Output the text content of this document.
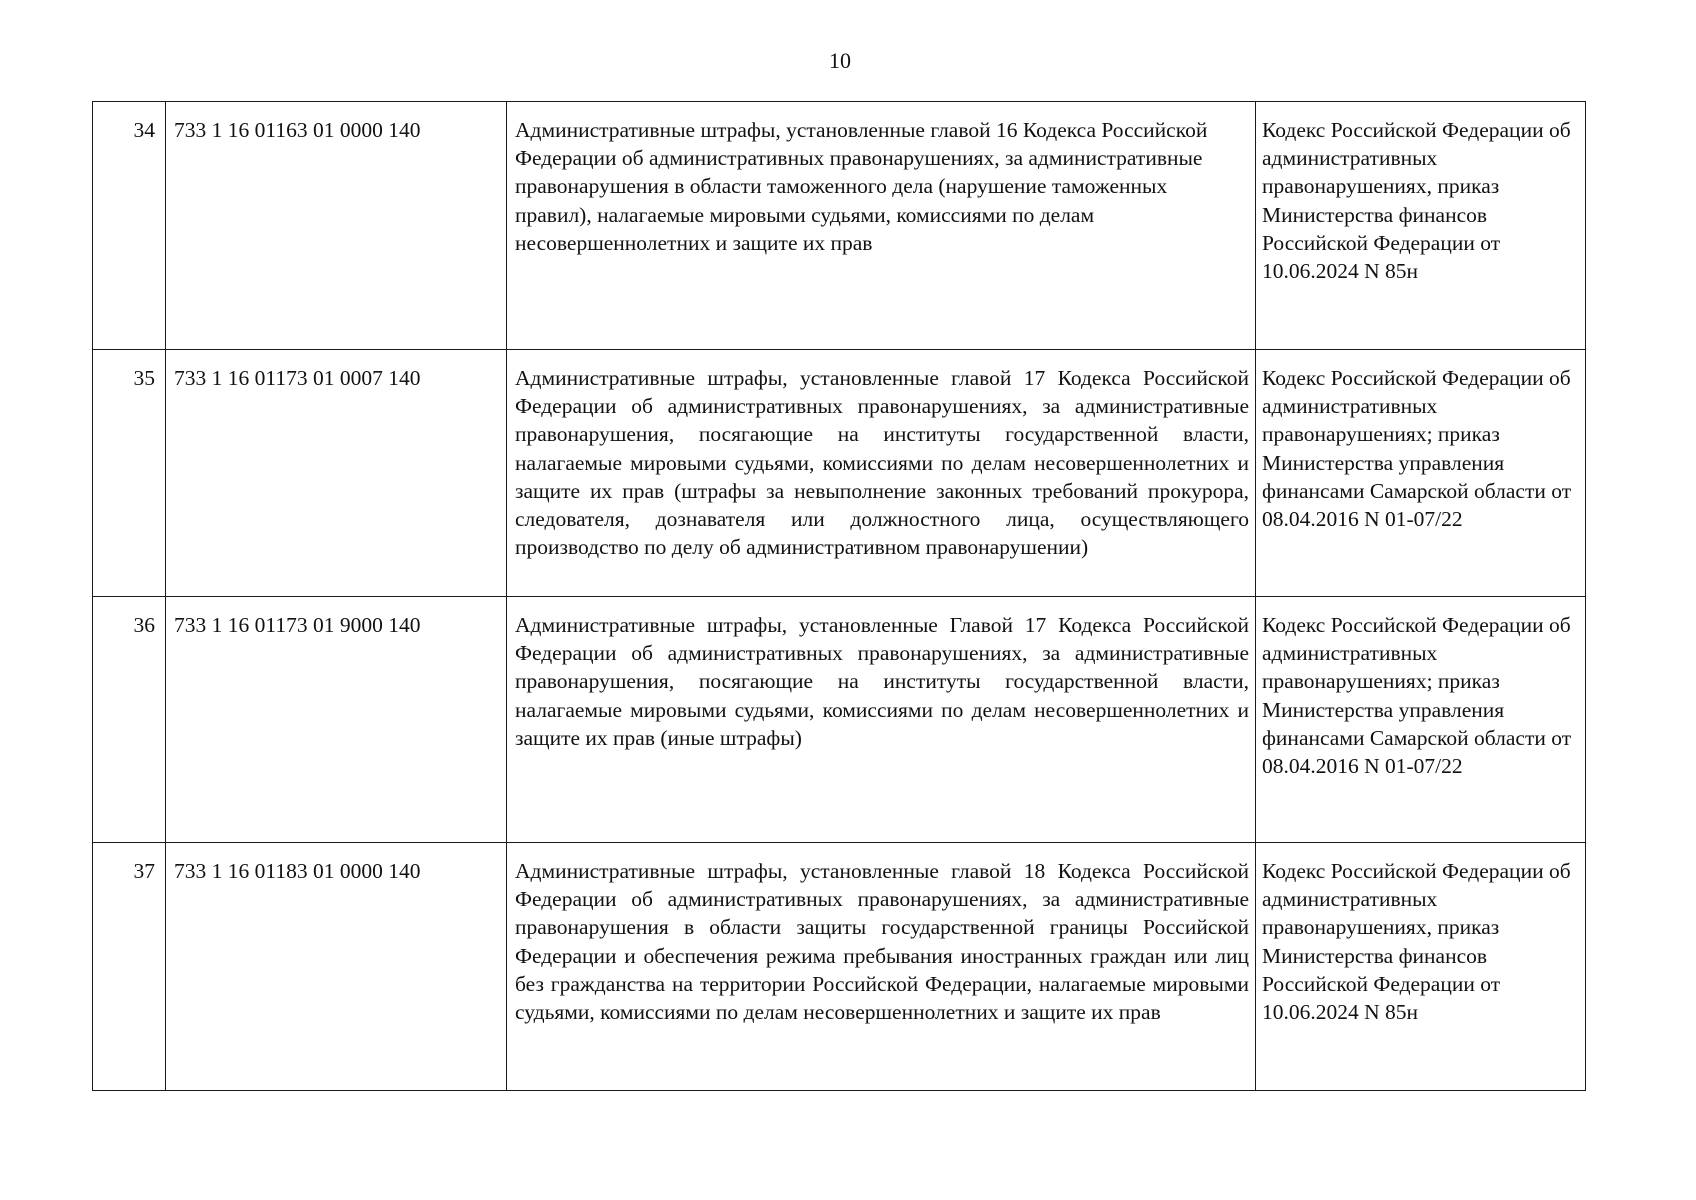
10
34	733 1 16 01163 01 0000 140	Административные штрафы, установленные главой 16 Кодекса Российской Федерации об административных правонарушениях, за административные правонарушения в области таможенного дела (нарушение таможенных правил), налагаемые мировыми судьями, комиссиями по делам несовершеннолетних и защите их прав	Кодекс Российской Федерации об административных правонарушениях, приказ Министерства финансов Российской Федерации от 10.06.2024 N 85н
35	733 1 16 01173 01 0007 140	Административные штрафы, установленные главой 17 Кодекса Российской Федерации об административных правонарушениях, за административные правонарушения, посягающие на институты государственной власти, налагаемые мировыми судьями, комиссиями по делам несовершеннолетних и защите их прав (штрафы за невыполнение законных требований прокурора, следователя, дознавателя или должностного лица, осуществляющего производство по делу об административном правонарушении)	Кодекс Российской Федерации об административных правонарушениях; приказ Министерства управления финансами Самарской области от 08.04.2016 N 01-07/22
36	733 1 16 01173 01 9000 140	Административные штрафы, установленные Главой 17 Кодекса Российской Федерации об административных правонарушениях, за административные правонарушения, посягающие на институты государственной власти, налагаемые мировыми судьями, комиссиями по делам несовершеннолетних и защите их прав (иные штрафы)	Кодекс Российской Федерации об административных правонарушениях; приказ Министерства управления финансами Самарской области от 08.04.2016 N 01-07/22
37	733 1 16 01183 01 0000 140	Административные штрафы, установленные главой 18 Кодекса Российской Федерации об административных правонарушениях, за административные правонарушения в области защиты государственной границы Российской Федерации и обеспечения режима пребывания иностранных граждан или лиц без гражданства на территории Российской Федерации, налагаемые мировыми судьями, комиссиями по делам несовершеннолетних и защите их прав	Кодекс Российской Федерации об административных правонарушениях, приказ Министерства финансов Российской Федерации от 10.06.2024 N 85н
